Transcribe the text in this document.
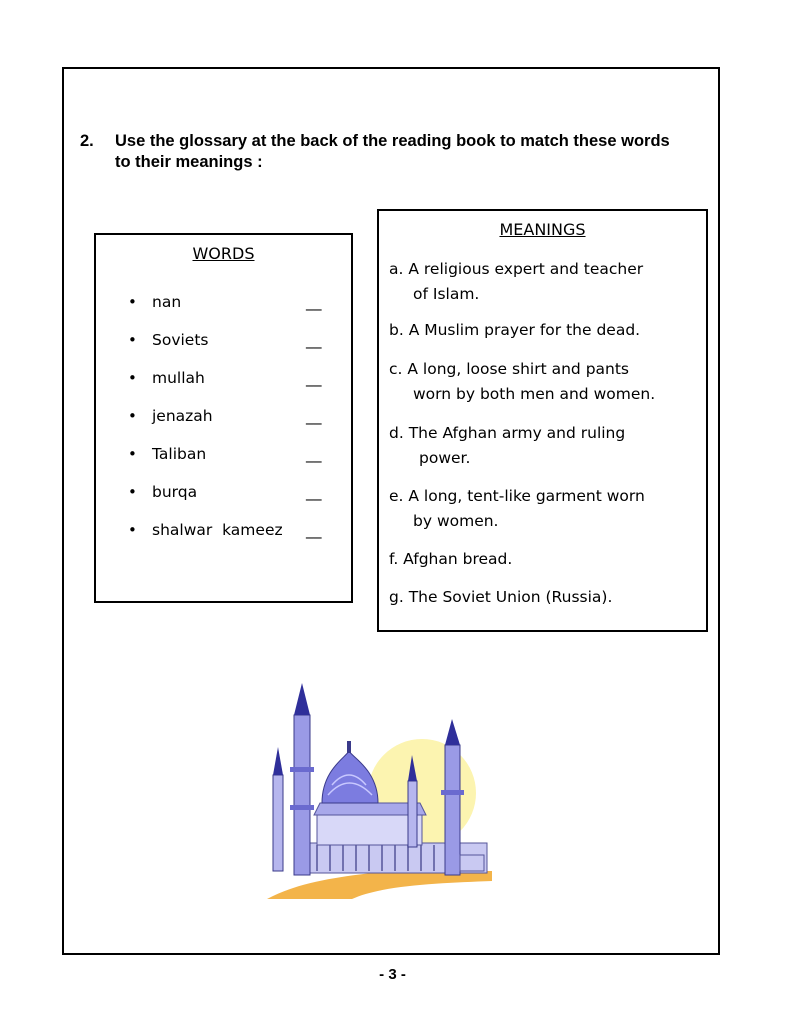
2. Use the glossary at the back of the reading book to match these words to their meanings :
WORDS
• nan	__
• Soviets	__
• mullah	__
• jenazah	__
• Taliban	__
• burqa	__
• shalwar  kameez __
MEANINGS
a. A religious expert and teacher
of Islam.
b. A Muslim prayer for the dead.
c. A long, loose shirt and pants
worn by both men and women.
d. The Afghan army and ruling
power.
e. A long, tent-like garment worn
by women.
f. Afghan bread.
g. The Soviet Union (Russia).
- 3 -
